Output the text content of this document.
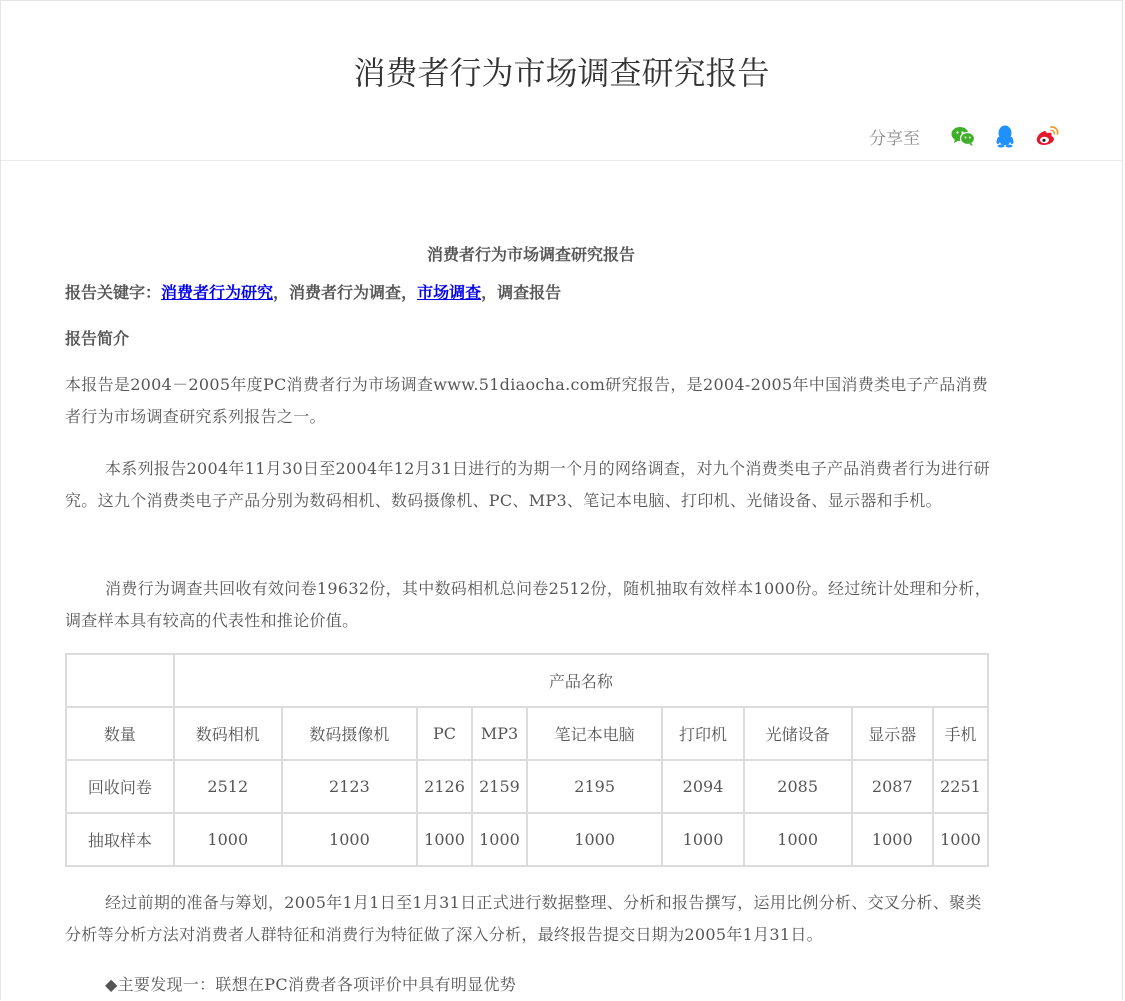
消费者行为市场调查研究报告
分享至
消费者行为市场调查研究报告
报告关键字：消费者行为研究，消费者行为调查，市场调查，调查报告
报告简介

本报告是2004－2005年度PC消费者行为市场调查www.51diaocha.com研究报告，是2004-2005年中国消费类电子产品消费者行为市场调查研究系列报告之一。

本系列报告2004年11月30日至2004年12月31日进行的为期一个月的网络调查，对九个消费类电子产品消费者行为进行研究。这九个消费类电子产品分别为数码相机、数码摄像机、PC、MP3、笔记本电脑、打印机、光储设备、显示器和手机。

消费行为调查共回收有效问卷19632份，其中数码相机总问卷2512份，随机抽取有效样本1000份。经过统计处理和分析，调查样本具有较高的代表性和推论价值。

	产品名称								
数量	数码相机	数码摄像机	PC	MP3	笔记本电脑	打印机	光储设备	显示器	手机
回收问卷	2512	2123	2126	2159	2195	2094	2085	2087	2251
抽取样本	1000	1000	1000	1000	1000	1000	1000	1000	1000

经过前期的准备与筹划，2005年1月1日至1月31日正式进行数据整理、分析和报告撰写，运用比例分析、交叉分析、聚类分析等分析方法对消费者人群特征和消费行为特征做了深入分析，最终报告提交日期为2005年1月31日。

◆主要发现一：联想在PC消费者各项评价中具有明显优势
